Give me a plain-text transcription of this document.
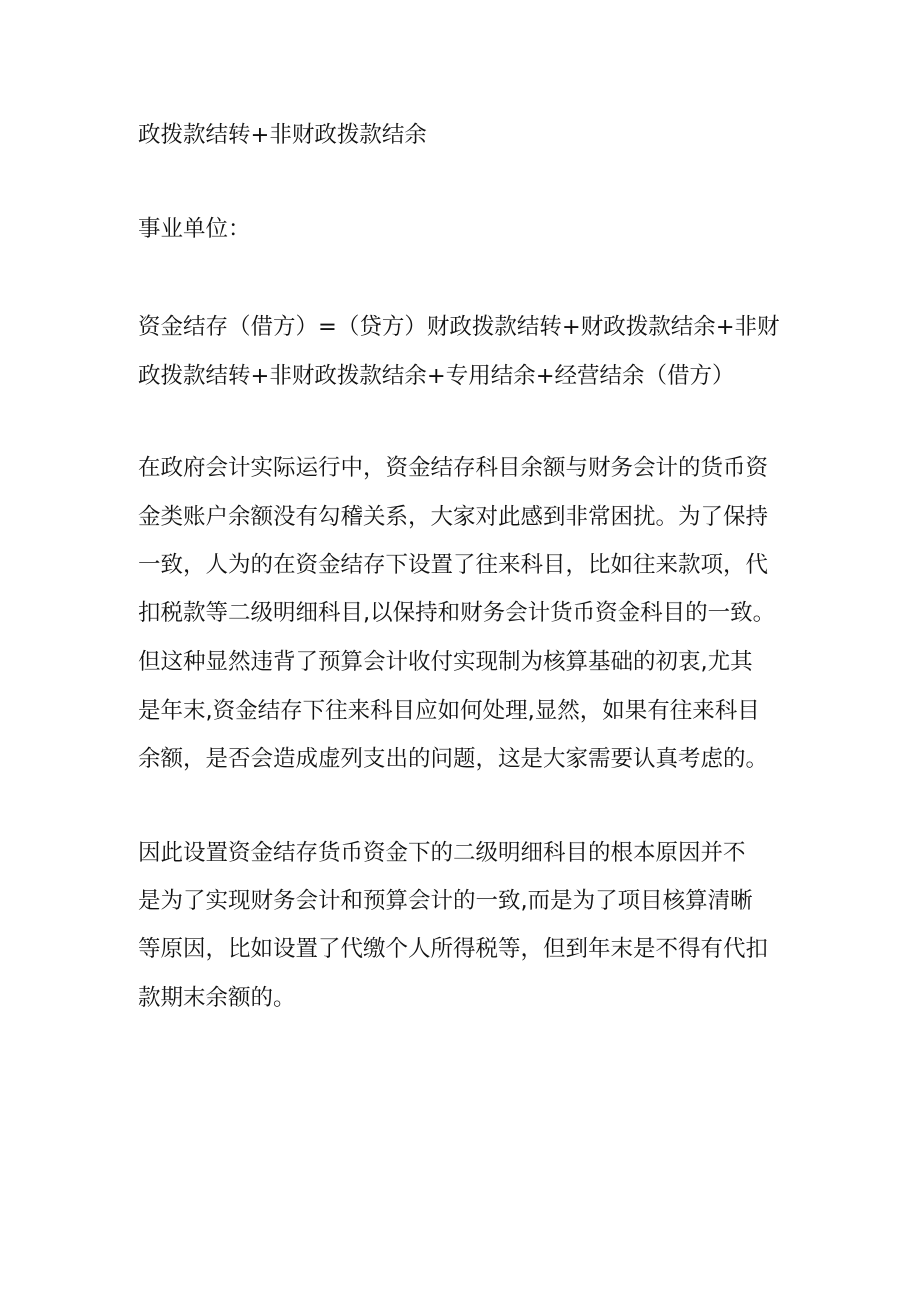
政拨款结转+非财政拨款结余
事业单位：
资金结存（借方）=（贷方）财政拨款结转+财政拨款结余+非财
政拨款结转+非财政拨款结余+专用结余+经营结余（借方）
在政府会计实际运行中，资金结存科目余额与财务会计的货币资
金类账户余额没有勾稽关系，大家对此感到非常困扰。为了保持
一致，人为的在资金结存下设置了往来科目，比如往来款项，代
扣税款等二级明细科目,以保持和财务会计货币资金科目的一致。
但这种显然违背了预算会计收付实现制为核算基础的初衷,尤其
是年末,资金结存下往来科目应如何处理,显然，如果有往来科目
余额，是否会造成虚列支出的问题，这是大家需要认真考虑的。
因此设置资金结存货币资金下的二级明细科目的根本原因并不
是为了实现财务会计和预算会计的一致,而是为了项目核算清晰
等原因，比如设置了代缴个人所得税等，但到年末是不得有代扣
款期末余额的。
